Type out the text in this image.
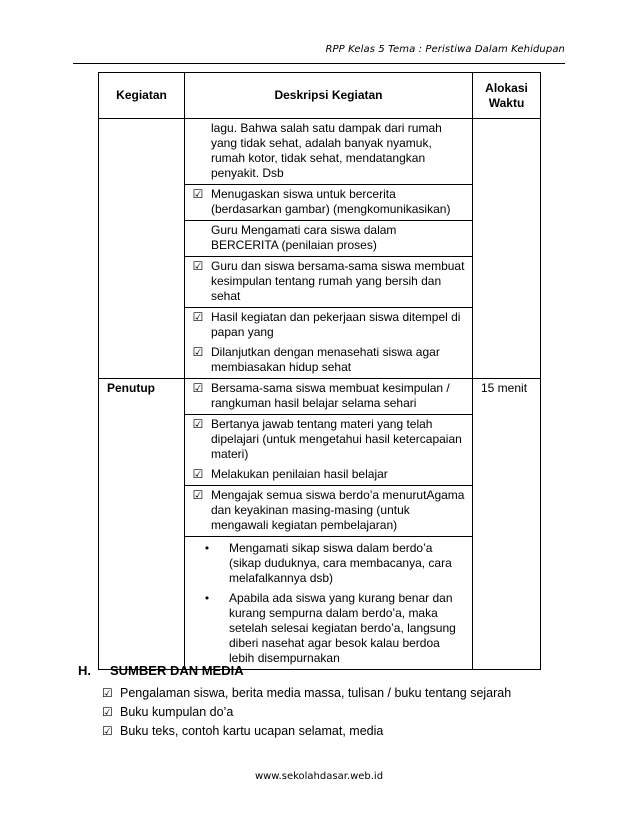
RPP Kelas 5 Tema : Peristiwa Dalam Kehidupan
Kegiatan	Deskripsi Kegiatan	Alokasi Waktu

	lagu. Bahwa salah satu dampak dari rumah yang tidak sehat, adalah banyak nyamuk, rumah kotor, tidak sehat, mendatangkan penyakit. Dsb	

	☑ Menugaskan siswa untuk bercerita (berdasarkan gambar) (mengkomunikasikan)	

	Guru Mengamati cara siswa dalam BERCERITA (penilaian proses)	

	☑ Guru dan siswa bersama-sama siswa membuat kesimpulan tentang rumah yang bersih dan sehat	

	☑ Hasil kegiatan dan pekerjaan siswa ditempel di papan yang
☑ Dilanjutkan dengan menasehati siswa agar membiasakan hidup sehat	

Penutup	☑ Bersama-sama siswa membuat kesimpulan / rangkuman hasil belajar selama sehari	15 menit

	☑ Bertanya jawab tentang materi yang telah dipelajari (untuk mengetahui hasil ketercapaian materi)
☑ Melakukan penilaian hasil belajar	

	☑ Mengajak semua siswa berdo’a menurutAgama dan keyakinan masing-masing (untuk mengawali kegiatan pembelajaran)	

	• Mengamati sikap siswa dalam berdo’a (sikap duduknya, cara membacanya, cara melafalkannya dsb)
• Apabila ada siswa yang kurang benar dan kurang sempurna dalam berdo’a, maka setelah selesai kegiatan berdo’a, langsung diberi nasehat agar besok kalau berdoa lebih disempurnakan	
H. SUMBER DAN MEDIA
☑ Pengalaman siswa, berita media massa, tulisan / buku tentang sejarah
☑ Buku kumpulan do’a
☑ Buku teks, contoh kartu ucapan selamat, media
www.sekolahdasar.web.id
